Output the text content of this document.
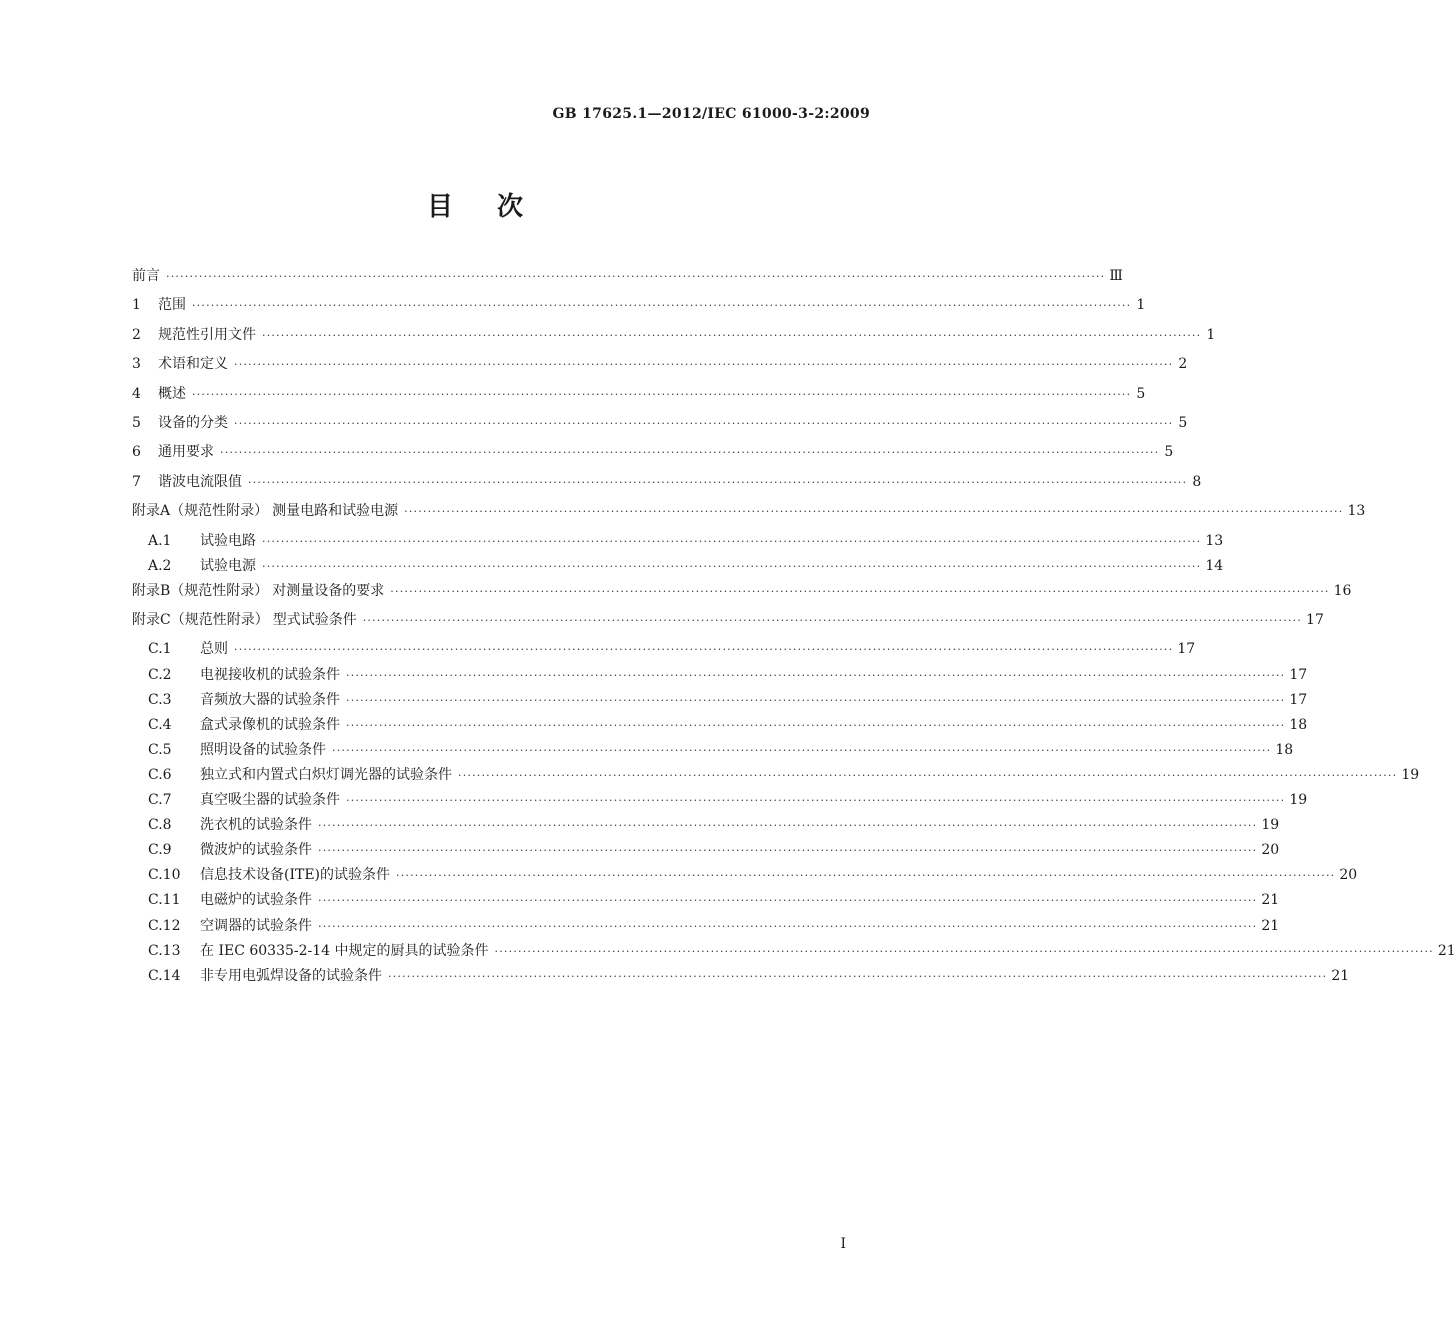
GB 17625.1—2012/IEC 61000-3-2:2009
目次
前言 ········································································································································································································ Ⅲ
1 范围 ········································································································································································································ 1
2 规范性引用文件 ········································································································································································································ 1
3 术语和定义 ········································································································································································································ 2
4 概述 ········································································································································································································ 5
5 设备的分类 ········································································································································································································ 5
6 通用要求 ········································································································································································································ 5
7 谐波电流限值 ········································································································································································································ 8
附录A（规范性附录） 测量电路和试验电源 ········································································································································································································ 13
A.1	试验电路 ········································································································································································································ 13
A.2	试验电源 ········································································································································································································ 14
附录B（规范性附录） 对测量设备的要求 ········································································································································································································ 16
附录C（规范性附录） 型式试验条件 ········································································································································································································ 17
C.1	总则 ········································································································································································································ 17
C.2	电视接收机的试验条件 ········································································································································································································ 17
C.3	音频放大器的试验条件 ········································································································································································································ 17
C.4	盒式录像机的试验条件 ········································································································································································································ 18
C.5	照明设备的试验条件 ········································································································································································································ 18
C.6	独立式和内置式白炽灯调光器的试验条件 ········································································································································································································ 19
C.7	真空吸尘器的试验条件 ········································································································································································································ 19
C.8	洗衣机的试验条件 ········································································································································································································ 19
C.9	微波炉的试验条件 ········································································································································································································ 20
C.10	信息技术设备(ITE)的试验条件 ········································································································································································································ 20
C.11	电磁炉的试验条件 ········································································································································································································ 21
C.12	空调器的试验条件 ········································································································································································································ 21
C.13	在 IEC 60335-2-14 中规定的厨具的试验条件 ········································································································································································································ 21
C.14	非专用电弧焊设备的试验条件 ········································································································································································································ 21
I
